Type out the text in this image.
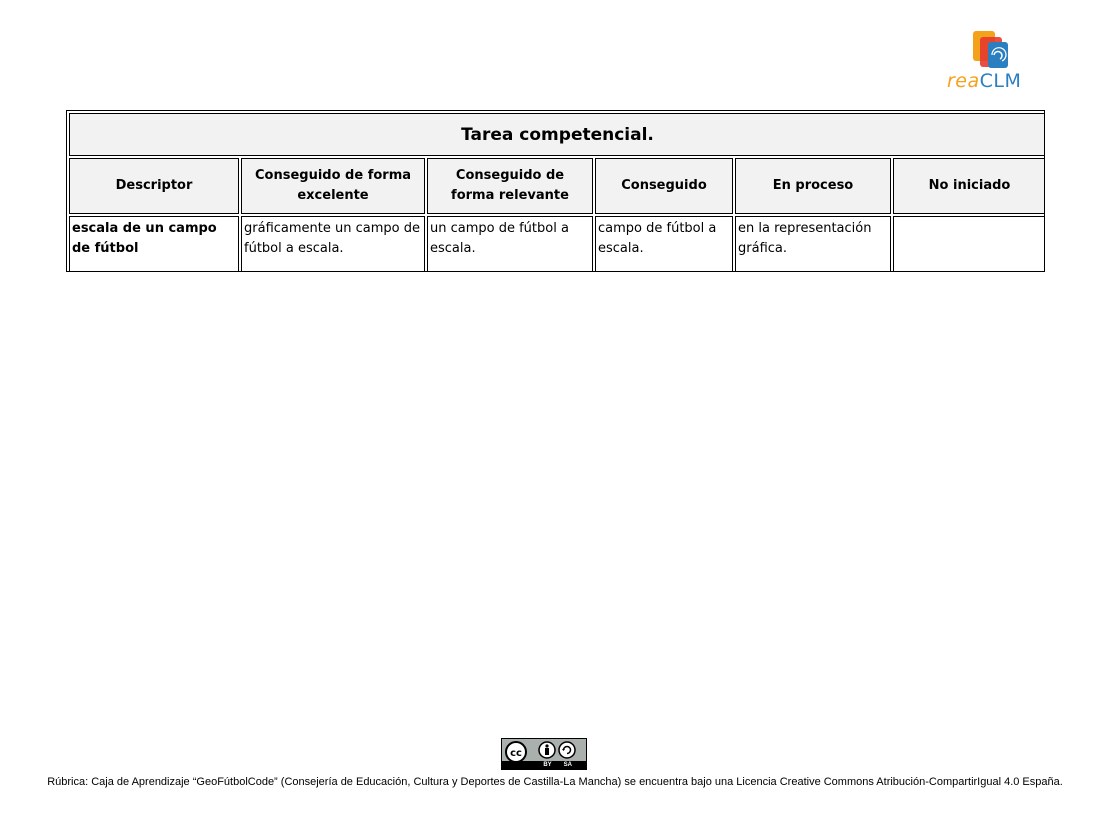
reaCLM
Tarea competencial.					
Descriptor	Conseguido de forma excelente	Conseguido de forma relevante	Conseguido	En proceso	No iniciado
escala de un campo de fútbol	gráficamente un campo de fútbol a escala.	un campo de fútbol a escala.	campo de fútbol a escala.	en la representación gráfica.	

cc
BY SA
Rúbrica: Caja de Aprendizaje “GeoFútbolCode” (Consejería de Educación, Cultura y Deportes de Castilla-La Mancha) se encuentra bajo una Licencia Creative Commons Atribución-CompartirIgual 4.0 España.
